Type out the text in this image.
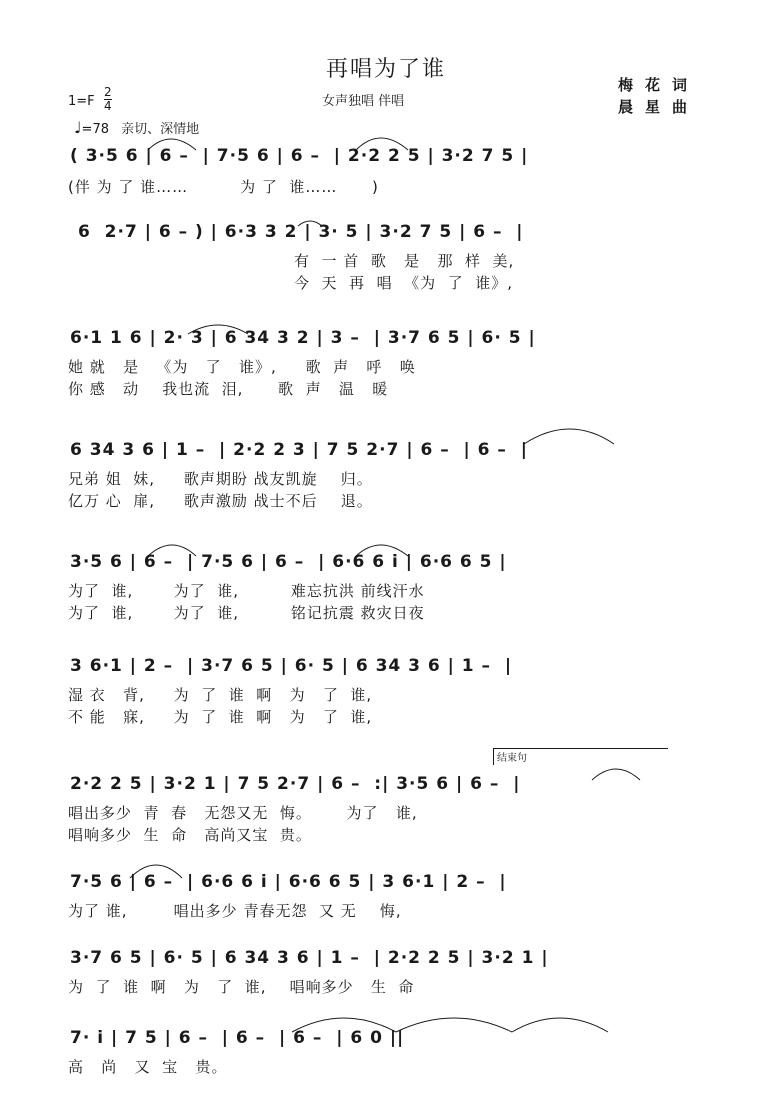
再唱为了谁
女声独唱 伴唱
梅花词
晨星曲
1=F
2
4
♩=78 亲切、深情地
( 3·5 6 | 6 –  | 7·5 6 | 6 –  | 2·2 2 5 | 3·2 7 5 |
(伴 为 了 谁……         为 了  谁……      )
6  2·7 | 6 – ) | 6·3 3 2 | 3· 5 | 3·2 7 5 | 6 –  |
有  一 首  歌   是   那  样  美,
今  天  再  唱  《为  了  谁》,
6·1 1 6 | 2· 3 | 6 34 3 2 | 3 –  | 3·7 6 5 | 6· 5 |
她 就   是   《为   了   谁》,     歌  声   呼   唤
你 感   动    我也流  泪,      歌  声   温   暖
6 34 3 6 | 1 –  | 2·2 2 3 | 7 5 2·7 | 6 –  | 6 –  |
兄弟 姐  妹,     歌声期盼 战友凯旋    归。
亿万 心  扉,     歌声激励 战士不后    退。
3·5 6 | 6 –  | 7·5 6 | 6 –  | 6·6 6 i | 6·6 6 5 |
为了  谁,       为了  谁,         难忘抗洪 前线汗水
为了  谁,       为了  谁,         铭记抗震 救灾日夜
3 6·1 | 2 –  | 3·7 6 5 | 6· 5 | 6 34 3 6 | 1 –  |
湿 衣   背,     为  了  谁  啊   为   了  谁,
不 能   寐,     为  了  谁  啊   为   了  谁,
结束句
2·2 2 5 | 3·2 1 | 7 5 2·7 | 6 –  :| 3·5 6 | 6 –  |
唱出多少  青  春   无怨又无  悔。      为了   谁,
唱响多少  生  命   高尚又宝  贵。
7·5 6 | 6 –  | 6·6 6 i | 6·6 6 5 | 3 6·1 | 2 –  |
为了 谁,        唱出多少 青春无怨  又 无    悔,
3·7 6 5 | 6· 5 | 6 34 3 6 | 1 –  | 2·2 2 5 | 3·2 1 |
为  了  谁  啊   为   了  谁,    唱响多少   生  命
7· i | 7 5 | 6 –  | 6 –  | 6 –  | 6 0 ||
高   尚   又  宝   贵。
